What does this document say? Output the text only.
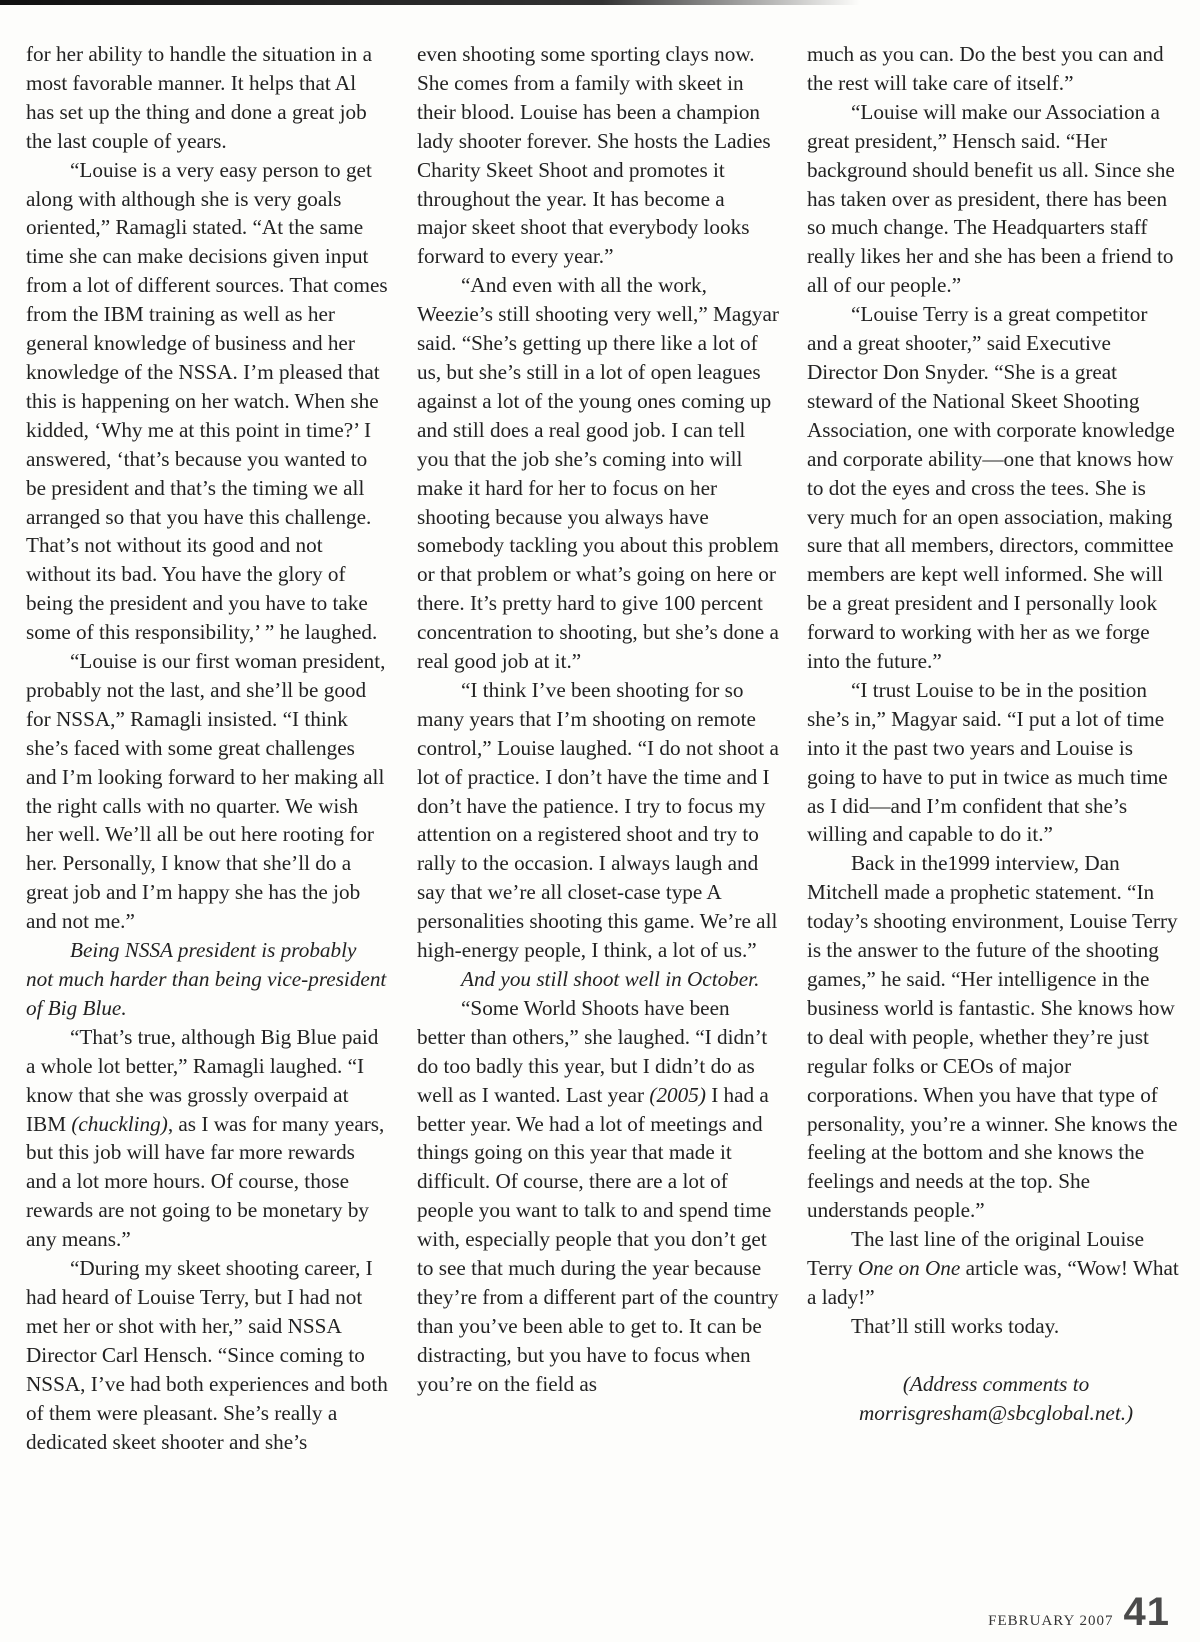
for her ability to handle the situation in a most favorable manner. It helps that Al has set up the thing and done a great job the last couple of years.

“Louise is a very easy person to get along with although she is very goals oriented,” Ramagli stated. “At the same time she can make decisions given input from a lot of different sources. That comes from the IBM training as well as her general knowledge of business and her knowledge of the NSSA. I’m pleased that this is happening on her watch. When she kidded, ‘Why me at this point in time?’ I answered, ‘that’s because you wanted to be president and that’s the timing we all arranged so that you have this challenge. That’s not without its good and not without its bad. You have the glory of being the president and you have to take some of this responsibility,’ ” he laughed.

“Louise is our first woman president, probably not the last, and she’ll be good for NSSA,” Ramagli insisted. “I think she’s faced with some great challenges and I’m looking forward to her making all the right calls with no quarter. We wish her well. We’ll all be out here rooting for her. Personally, I know that she’ll do a great job and I’m happy she has the job and not me.”

Being NSSA president is probably not much harder than being vice-president of Big Blue.

“That’s true, although Big Blue paid a whole lot better,” Ramagli laughed. “I know that she was grossly overpaid at IBM (chuckling), as I was for many years, but this job will have far more rewards and a lot more hours. Of course, those rewards are not going to be monetary by any means.”

“During my skeet shooting career, I had heard of Louise Terry, but I had not met her or shot with her,” said NSSA Director Carl Hensch. “Since coming to NSSA, I’ve had both experiences and both of them were pleasant. She’s really a dedicated skeet shooter and she’s

even shooting some sporting clays now. She comes from a family with skeet in their blood. Louise has been a champion lady shooter forever. She hosts the Ladies Charity Skeet Shoot and promotes it throughout the year. It has become a major skeet shoot that everybody looks forward to every year.”

“And even with all the work, Weezie’s still shooting very well,” Magyar said. “She’s getting up there like a lot of us, but she’s still in a lot of open leagues against a lot of the young ones coming up and still does a real good job. I can tell you that the job she’s coming into will make it hard for her to focus on her shooting because you always have somebody tackling you about this problem or that problem or what’s going on here or there. It’s pretty hard to give 100 percent concentration to shooting, but she’s done a real good job at it.”

“I think I’ve been shooting for so many years that I’m shooting on remote control,” Louise laughed. “I do not shoot a lot of practice. I don’t have the time and I don’t have the patience. I try to focus my attention on a registered shoot and try to rally to the occasion. I always laugh and say that we’re all closet-case type A personalities shooting this game. We’re all high-energy people, I think, a lot of us.”

And you still shoot well in October.

“Some World Shoots have been better than others,” she laughed. “I didn’t do too badly this year, but I didn’t do as well as I wanted. Last year (2005) I had a better year. We had a lot of meetings and things going on this year that made it difficult. Of course, there are a lot of people you want to talk to and spend time with, especially people that you don’t get to see that much during the year because they’re from a different part of the country than you’ve been able to get to. It can be distracting, but you have to focus when you’re on the field as

much as you can. Do the best you can and the rest will take care of itself.”

“Louise will make our Association a great president,” Hensch said. “Her background should benefit us all. Since she has taken over as president, there has been so much change. The Headquarters staff really likes her and she has been a friend to all of our people.”

“Louise Terry is a great competitor and a great shooter,” said Executive Director Don Snyder. “She is a great steward of the National Skeet Shooting Association, one with corporate knowledge and corporate ability—one that knows how to dot the eyes and cross the tees. She is very much for an open association, making sure that all members, directors, committee members are kept well informed. She will be a great president and I personally look forward to working with her as we forge into the future.”

“I trust Louise to be in the position she’s in,” Magyar said. “I put a lot of time into it the past two years and Louise is going to have to put in twice as much time as I did—and I’m confident that she’s willing and capable to do it.”

Back in the1999 interview, Dan Mitchell made a prophetic statement. “In today’s shooting environment, Louise Terry is the answer to the future of the shooting games,” he said. “Her intelligence in the business world is fantastic. She knows how to deal with people, whether they’re just regular folks or CEOs of major corporations. When you have that type of personality, you’re a winner. She knows the feeling at the bottom and she knows the feelings and needs at the top. She understands people.”

The last line of the original Louise Terry One on One article was, “Wow! What a lady!”

That’ll still works today.

(Address comments to
morrisgresham@sbcglobal.net.)
FEBRUARY 2007 41
